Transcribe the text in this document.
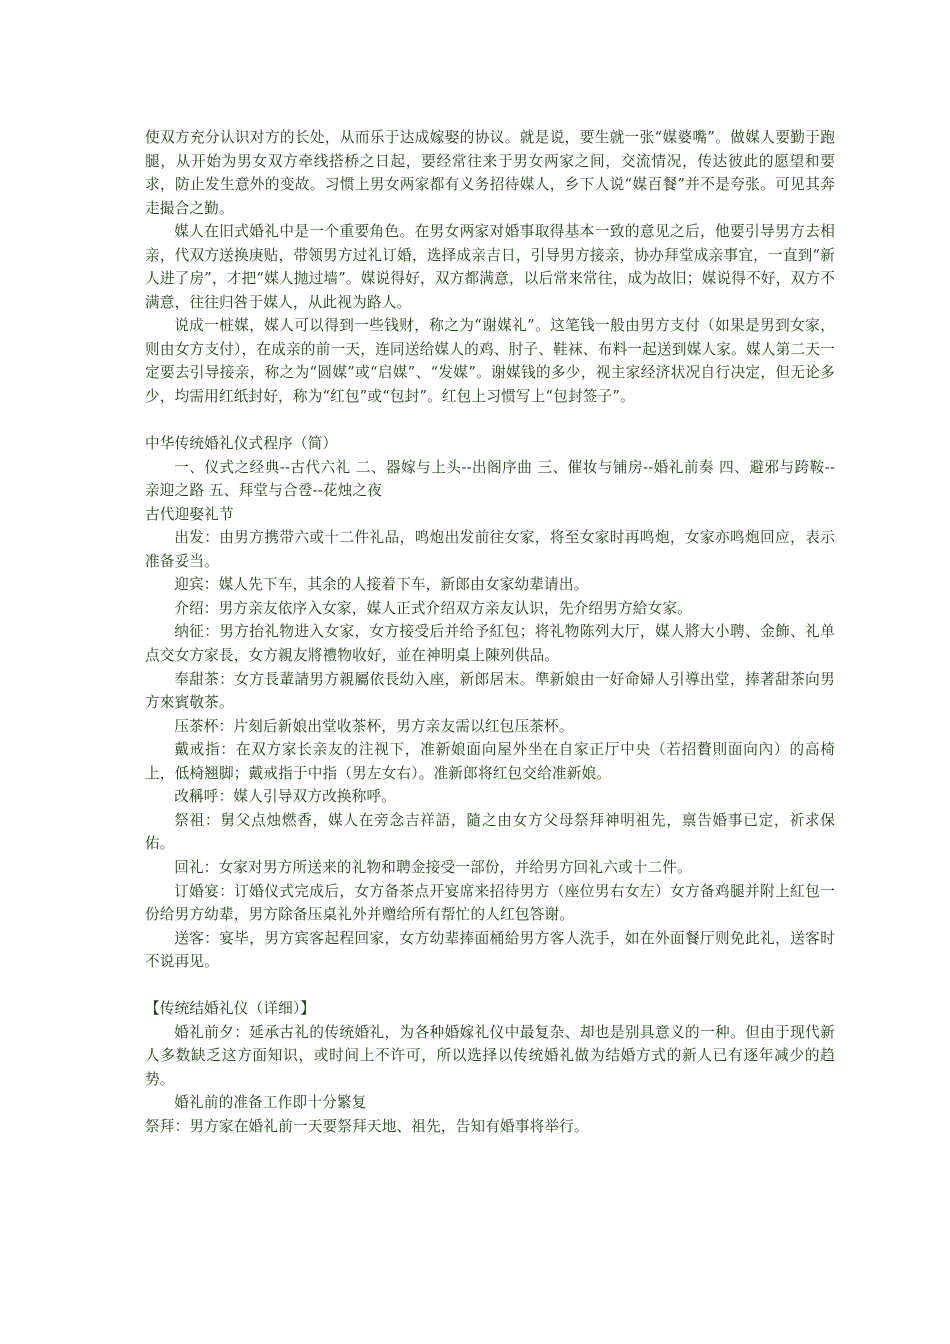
使双方充分认识对方的长处，从而乐于达成嫁娶的协议。就是说，要生就一张“媒婆嘴”。做媒人要勤于跑腿，从开始为男女双方牵线搭桥之日起，要经常往来于男女两家之间，交流情况，传达彼此的愿望和要求，防止发生意外的变故。习惯上男女两家都有义务招待媒人，乡下人说“媒百餐”并不是夸张。可见其奔走撮合之勤。

媒人在旧式婚礼中是一个重要角色。在男女两家对婚事取得基本一致的意见之后，他要引导男方去相亲，代双方送换庚贴，带领男方过礼订婚，选择成亲吉日，引导男方接亲，协办拜堂成亲事宜，一直到“新人进了房”，才把“媒人抛过墙”。媒说得好，双方都满意，以后常来常往，成为故旧；媒说得不好，双方不满意，往往归咎于媒人，从此视为路人。

说成一桩媒，媒人可以得到一些钱财，称之为“谢媒礼”。这笔钱一般由男方支付（如果是男到女家，则由女方支付），在成亲的前一天，连同送给媒人的鸡、肘子、鞋袜、布料一起送到媒人家。媒人第二天一定要去引导接亲，称之为“圆媒”或“启媒”、“发媒”。谢媒钱的多少，视主家经济状况自行决定，但无论多少，均需用红纸封好，称为“红包”或“包封”。红包上习惯写上“包封签子”。

中华传统婚礼仪式程序（简）

一、仪式之经典--古代六礼 二、器嫁与上头--出阁序曲 三、催妆与铺房--婚礼前奏 四、避邪与跨鞍--亲迎之路 五、拜堂与合卺--花烛之夜

古代迎娶礼节

出发：由男方携带六或十二件礼品，鸣炮出发前往女家，将至女家时再鸣炮，女家亦鸣炮回应，表示准备妥当。

迎宾：媒人先下车，其余的人接着下车，新郎由女家幼辈请出。

介绍：男方亲友依序入女家，媒人正式介绍双方亲友认识，先介绍男方給女家。

纳征：男方抬礼物进入女家，女方接受后并给予紅包；将礼物陈列大厅，媒人將大小聘、金飾、礼单点交女方家長，女方親友將禮物收好，並在神明桌上陳列供品。

奉甜茶：女方長輩請男方親屬依長幼入座，新郎居末。準新娘由一好命婦人引導出堂，捧著甜茶向男方來賓敬茶。

压茶杯：片刻后新娘出堂收茶杯，男方亲友需以红包压茶杯。

戴戒指：在双方家长亲友的注视下，准新娘面向屋外坐在自家正厅中央（若招贅則面向內）的高椅上，低椅翘脚；戴戒指于中指（男左女右）。准新郎将红包交给准新娘。

改稱呼：媒人引导双方改换称呼。

祭祖：舅父点烛燃香，媒人在旁念吉祥語，隨之由女方父母祭拜神明祖先，禀告婚事已定，祈求保佑。

回礼：女家对男方所送来的礼物和聘金接受一部份，并给男方回礼六或十二件。

订婚宴：订婚仪式完成后，女方备茶点开宴席来招待男方（座位男右女左）女方备鸡腿并附上紅包一份给男方幼辈，男方除备压桌礼外并赠给所有帮忙的人红包答谢。

送客：宴毕，男方宾客起程回家，女方幼辈捧面桶給男方客人洗手，如在外面餐厅则免此礼，送客时不说再见。

【传统结婚礼仪（详细）】

婚礼前夕：延承古礼的传统婚礼，为各种婚嫁礼仪中最复杂、却也是别具意义的一种。但由于现代新人多数缺乏这方面知识，或时间上不许可，所以选择以传统婚礼做为结婚方式的新人已有逐年减少的趋势。

婚礼前的准备工作即十分繁复

祭拜：男方家在婚礼前一天要祭拜天地、祖先，告知有婚事将举行。
